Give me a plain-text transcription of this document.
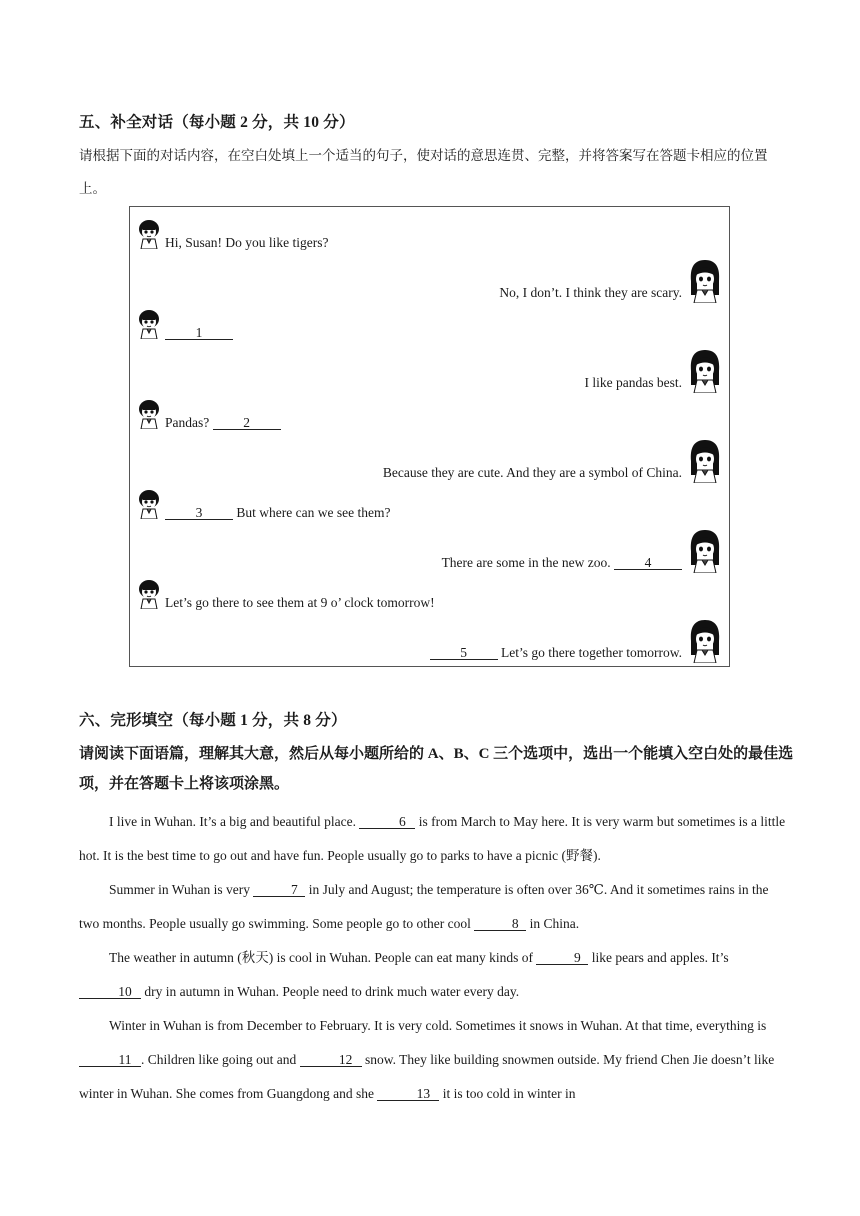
五、补全对话（每小题 2 分，共 10 分）
请根据下面的对话内容，在空白处填上一个适当的句子，使对话的意思连贯、完整，并将答案写在答题卡相应的位置上。
Hi, Susan! Do you like tigers?
No, I don’t. I think they are scary.
1
I like pandas best.
Pandas? 2
Because they are cute. And they are a symbol of China.
3 But where can we see them?
There are some in the new zoo. 4
Let’s go there to see them at 9 o’ clock tomorrow!
5 Let’s go there together tomorrow.
六、完形填空（每小题 1 分，共 8 分）
请阅读下面语篇，理解其大意，然后从每小题所给的 A、B、C 三个选项中，选出一个能填入空白处的最佳选项，并在答题卡上将该项涂黑。

I live in Wuhan. It’s a big and beautiful place.	6 is from March to May here. It is very warm but sometimes is a little hot. It is the best time to go out and have fun. People usually go to parks to have a picnic (野餐).

Summer in Wuhan is very	7 in July and August; the temperature is often over 36℃. And it sometimes rains in the two months. People usually go swimming. Some people go to other cool	8 in China.

The weather in autumn (秋天) is cool in Wuhan. People can eat many kinds of	9 like pears and apples. It’s 10 dry in autumn in Wuhan. People need to drink much water every day.

Winter in Wuhan is from December to February. It is very cold. Sometimes it snows in Wuhan. At that time, everything is 11 . Children like going out and	12 snow. They like building snowmen outside. My friend Chen Jie doesn’t like winter in Wuhan. She comes from Guangdong and she	13 it is too cold in winter in
